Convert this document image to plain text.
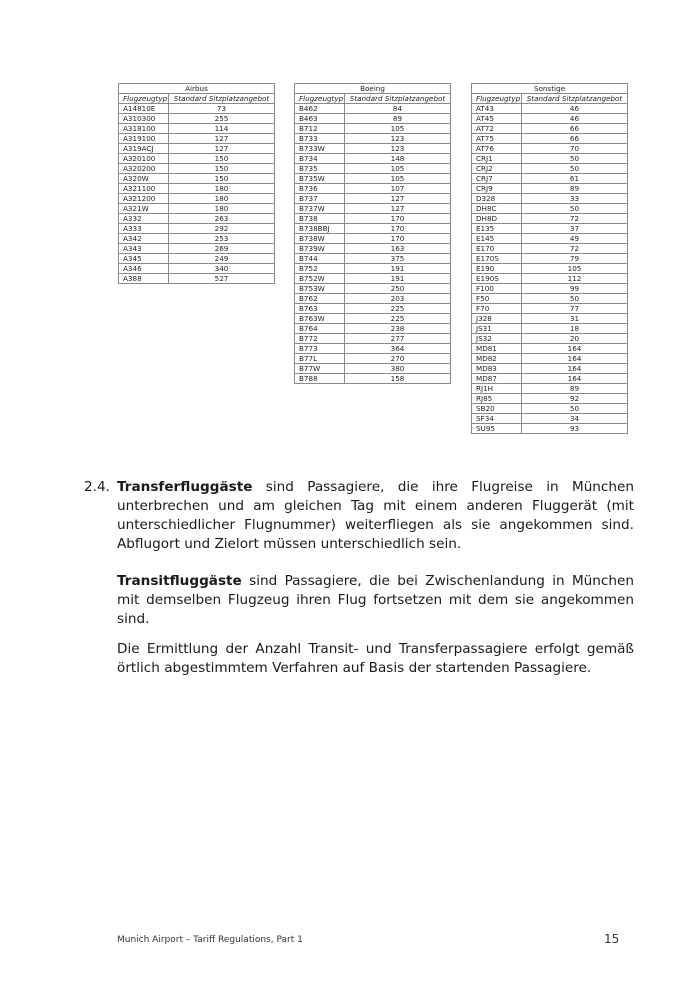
Airbus	
Flugzeugtyp	Standard Sitzplatzangebot
A14810E	73
A310300	255
A318100	114
A319100	127
A319ACJ	127
A320100	150
A320200	150
A320W	150
A321100	180
A321200	180
A321W	180
A332	263
A333	292
A342	253
A343	269
A345	249
A346	340
A388	527
Boeing	
Flugzeugtyp	Standard Sitzplatzangebot
B462	84
B463	89
B712	105
B733	123
B733W	123
B734	148
B735	105
B735W	105
B736	107
B737	127
B737W	127
B738	170
B738BBJ	170
B738W	170
B739W	163
B744	375
B752	191
B752W	191
B753W	250
B762	203
B763	225
B763W	225
B764	238
B772	277
B773	364
B77L	270
B77W	380
B788	158
Sonstige	
Flugzeugtyp	Standard Sitzplatzangebot
AT43	46
AT45	46
AT72	66
AT75	66
AT76	70
CRJ1	50
CRJ2	50
CRJ7	61
CRJ9	89
D328	33
DH8C	50
DH8D	72
E135	37
E145	49
E170	72
E170S	79
E190	105
E190S	112
F100	99
F50	50
F70	77
J328	31
JS31	18
JS32	20
MD81	164
MD82	164
MD83	164
MD87	164
RJ1H	89
RJ85	92
SB20	50
SF34	34
SU95	93
2.4. Transferfluggäste sind Passagiere, die ihre Flugreise in München unterbrechen und am gleichen Tag mit einem anderen Fluggerät (mit unterschiedlicher Flugnummer) weiterfliegen als sie angekommen sind. Abflugort und Zielort müssen unterschiedlich sein.
Transitfluggäste sind Passagiere, die bei Zwischenlandung in München mit demselben Flugzeug ihren Flug fortsetzen mit dem sie angekommen sind.
Die Ermittlung der Anzahl Transit- und Transferpassagiere erfolgt gemäß örtlich abgestimmtem Verfahren auf Basis der startenden Passagiere.
Munich Airport – Tariff Regulations, Part 1	15
